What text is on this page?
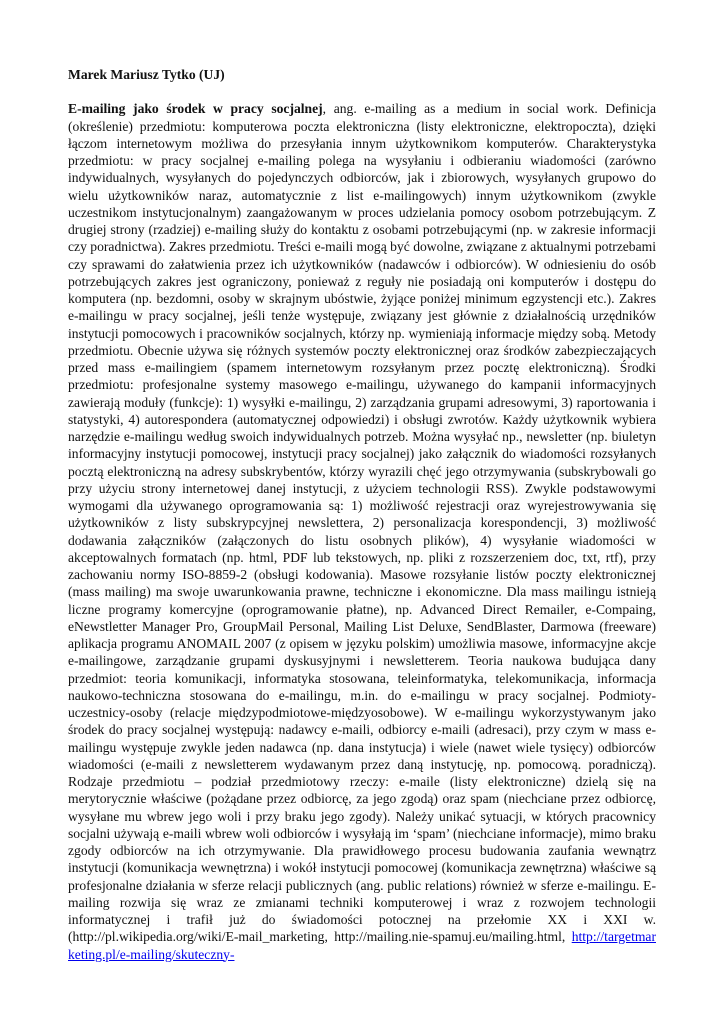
Marek Mariusz Tytko (UJ)

E-mailing jako środek w pracy socjalnej, ang. e-mailing as a medium in social work. Definicja (określenie) przedmiotu: komputerowa poczta elektroniczna (listy elektroniczne, elektropoczta), dzięki łączom internetowym możliwa do przesyłania innym użytkownikom komputerów. Charakterystyka przedmiotu: w pracy socjalnej e-mailing polega na wysyłaniu i odbieraniu wiadomości (zarówno indywidualnych, wysyłanych do pojedynczych odbiorców, jak i zbiorowych, wysyłanych grupowo do wielu użytkowników naraz, automatycznie z list e-mailingowych) innym użytkownikom (zwykle uczestnikom instytucjonalnym) zaangażowanym w proces udzielania pomocy osobom potrzebującym. Z drugiej strony (rzadziej) e-mailing służy do kontaktu z osobami potrzebującymi (np. w zakresie informacji czy poradnictwa). Zakres przedmiotu. Treści e-maili mogą być dowolne, związane z aktualnymi potrzebami czy sprawami do załatwienia przez ich użytkowników (nadawców i odbiorców). W odniesieniu do osób potrzebujących zakres jest ograniczony, ponieważ z reguły nie posiadają oni komputerów i dostępu do komputera (np. bezdomni, osoby w skrajnym ubóstwie, żyjące poniżej minimum egzystencji etc.). Zakres e-mailingu w pracy socjalnej, jeśli tenże występuje, związany jest głównie z działalnością urzędników instytucji pomocowych i pracowników socjalnych, którzy np. wymieniają informacje między sobą. Metody przedmiotu. Obecnie używa się różnych systemów poczty elektronicznej oraz środków zabezpieczających przed mass e-mailingiem (spamem internetowym rozsyłanym przez pocztę elektroniczną). Środki przedmiotu: profesjonalne systemy masowego e-mailingu, używanego do kampanii informacyjnych zawierają moduły (funkcje): 1) wysyłki e-mailingu, 2) zarządzania grupami adresowymi, 3) raportowania i statystyki, 4) autorespondera (automatycznej odpowiedzi) i obsługi zwrotów. Każdy użytkownik wybiera narzędzie e-mailingu według swoich indywidualnych potrzeb. Można wysyłać np., newsletter (np. biuletyn informacyjny instytucji pomocowej, instytucji pracy socjalnej) jako załącznik do wiadomości rozsyłanych pocztą elektroniczną na adresy subskrybentów, którzy wyrazili chęć jego otrzymywania (subskrybowali go przy użyciu strony internetowej danej instytucji, z użyciem technologii RSS). Zwykle podstawowymi wymogami dla używanego oprogramowania są: 1) możliwość rejestracji oraz wyrejestrowywania się użytkowników z listy subskrypcyjnej newslettera, 2) personalizacja korespondencji, 3) możliwość dodawania załączników (załączonych do listu osobnych plików), 4) wysyłanie wiadomości w akceptowalnych formatach (np. html, PDF lub tekstowych, np. pliki z rozszerzeniem doc, txt, rtf), przy zachowaniu normy ISO-8859-2 (obsługi kodowania). Masowe rozsyłanie listów poczty elektronicznej (mass mailing) ma swoje uwarunkowania prawne, techniczne i ekonomiczne. Dla mass mailingu istnieją liczne programy komercyjne (oprogramowanie płatne), np. Advanced Direct Remailer, e-Compaing, eNewstletter Manager Pro, GroupMail Personal, Mailing List Deluxe, SendBlaster, Darmowa (freeware) aplikacja programu ANOMAIL 2007 (z opisem w języku polskim) umożliwia masowe, informacyjne akcje e-mailingowe, zarządzanie grupami dyskusyjnymi i newsletterem. Teoria naukowa budująca dany przedmiot: teoria komunikacji, informatyka stosowana, teleinformatyka, telekomunikacja, informacja naukowo-techniczna stosowana do e-mailingu, m.in. do e-mailingu w pracy socjalnej. Podmioty-uczestnicy-osoby (relacje międzypodmiotowe-międzyosobowe). W e-mailingu wykorzystywanym jako środek do pracy socjalnej występują: nadawcy e-maili, odbiorcy e-maili (adresaci), przy czym w mass e-mailingu występuje zwykle jeden nadawca (np. dana instytucja) i wiele (nawet wiele tysięcy) odbiorców wiadomości (e-maili z newsletterem wydawanym przez daną instytucję, np. pomocową. poradniczą). Rodzaje przedmiotu – podział przedmiotowy rzeczy: e-maile (listy elektroniczne) dzielą się na merytorycznie właściwe (pożądane przez odbiorcę, za jego zgodą) oraz spam (niechciane przez odbiorcę, wysyłane mu wbrew jego woli i przy braku jego zgody). Należy unikać sytuacji, w których pracownicy socjalni używają e-maili wbrew woli odbiorców i wysyłają im ‘spam’ (niechciane informacje), mimo braku zgody odbiorców na ich otrzymywanie. Dla prawidłowego procesu budowania zaufania wewnątrz instytucji (komunikacja wewnętrzna) i wokół instytucji pomocowej (komunikacja zewnętrzna) właściwe są profesjonalne działania w sferze relacji publicznych (ang. public relations) również w sferze e-mailingu. E-mailing rozwija się wraz ze zmianami techniki komputerowej i wraz z rozwojem technologii informatycznej i trafił już do świadomości potocznej na przełomie XX i XXI w. (http://pl.wikipedia.org/wiki/E-mail_marketing, http://mailing.nie-spamuj.eu/mailing.html, http://targetmarketing.pl/e-mailing/skuteczny-
